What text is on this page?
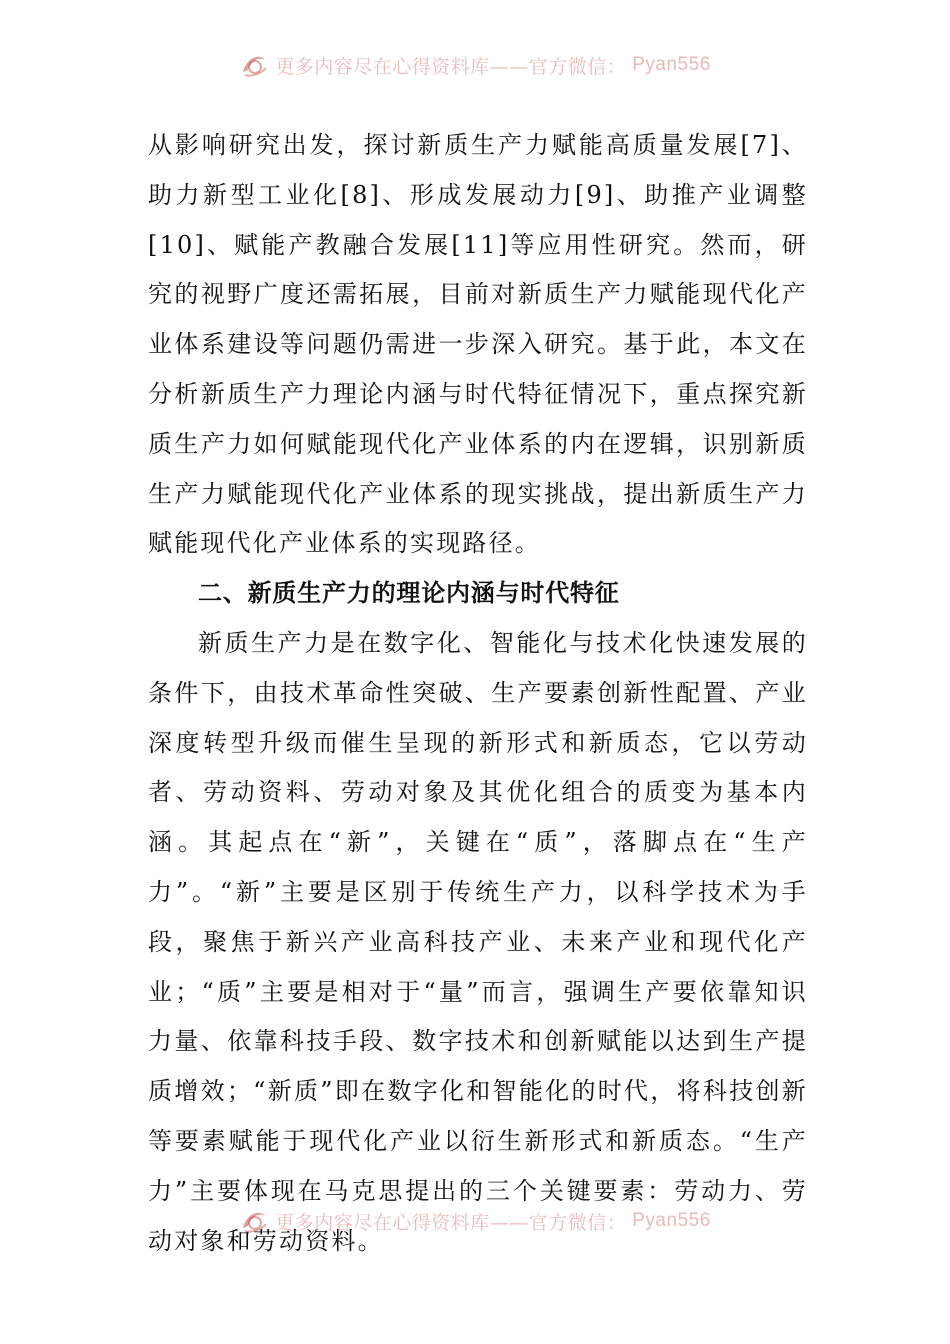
更多内容尽在心得资料库——官方微信： Pyan556

从影响研究出发，探讨新质生产力赋能高质量发展[7]、助力新型工业化[8]、形成发展动力[9]、助推产业调整[10]、赋能产教融合发展[11]等应用性研究。然而，研究的视野广度还需拓展，目前对新质生产力赋能现代化产业体系建设等问题仍需进一步深入研究。基于此，本文在分析新质生产力理论内涵与时代特征情况下，重点探究新质生产力如何赋能现代化产业体系的内在逻辑，识别新质生产力赋能现代化产业体系的现实挑战，提出新质生产力赋能现代化产业体系的实现路径。

二、新质生产力的理论内涵与时代特征

新质生产力是在数字化、智能化与技术化快速发展的条件下，由技术革命性突破、生产要素创新性配置、产业深度转型升级而催生呈现的新形式和新质态，它以劳动者、劳动资料、劳动对象及其优化组合的质变为基本内涵。其起点在“新”，关键在“质”，落脚点在“生产力”。“新”主要是区别于传统生产力，以科学技术为手段，聚焦于新兴产业高科技产业、未来产业和现代化产业；“质”主要是相对于“量”而言，强调生产要依靠知识力量、依靠科技手段、数字技术和创新赋能以达到生产提质增效；“新质”即在数字化和智能化的时代，将科技创新等要素赋能于现代化产业以衍生新形式和新质态。“生产力”主要体现在马克思提出的三个关键要素：劳动力、劳动对象和劳动资料。

更多内容尽在心得资料库——官方微信： Pyan556
